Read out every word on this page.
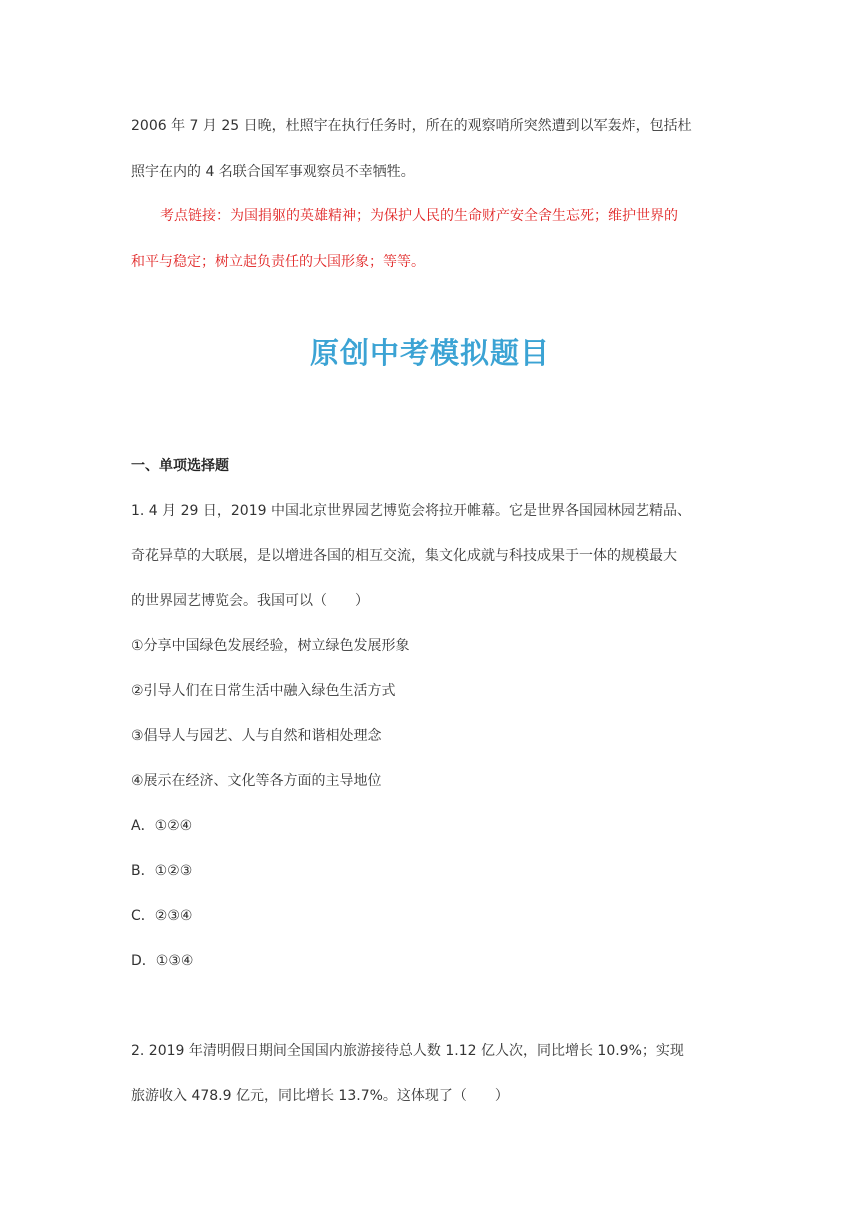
2006 年 7 月 25 日晚，杜照宇在执行任务时，所在的观察哨所突然遭到以军轰炸，包括杜
照宇在内的 4 名联合国军事观察员不幸牺牲。
考点链接：为国捐躯的英雄精神；为保护人民的生命财产安全舍生忘死；维护世界的
和平与稳定；树立起负责任的大国形象；等等。
原创中考模拟题目
一、单项选择题
1. 4 月 29 日，2019 中国北京世界园艺博览会将拉开帷幕。它是世界各国园林园艺精品、
奇花异草的大联展，是以增进各国的相互交流，集文化成就与科技成果于一体的规模最大
的世界园艺博览会。我国可以（　　）
①分享中国绿色发展经验，树立绿色发展形象
②引导人们在日常生活中融入绿色生活方式
③倡导人与园艺、人与自然和谐相处理念
④展示在经济、文化等各方面的主导地位
A．①②④
B．①②③
C．②③④
D．①③④
2. 2019 年清明假日期间全国国内旅游接待总人数 1.12 亿人次，同比增长 10.9%；实现
旅游收入 478.9 亿元，同比增长 13.7%。这体现了（　　）
